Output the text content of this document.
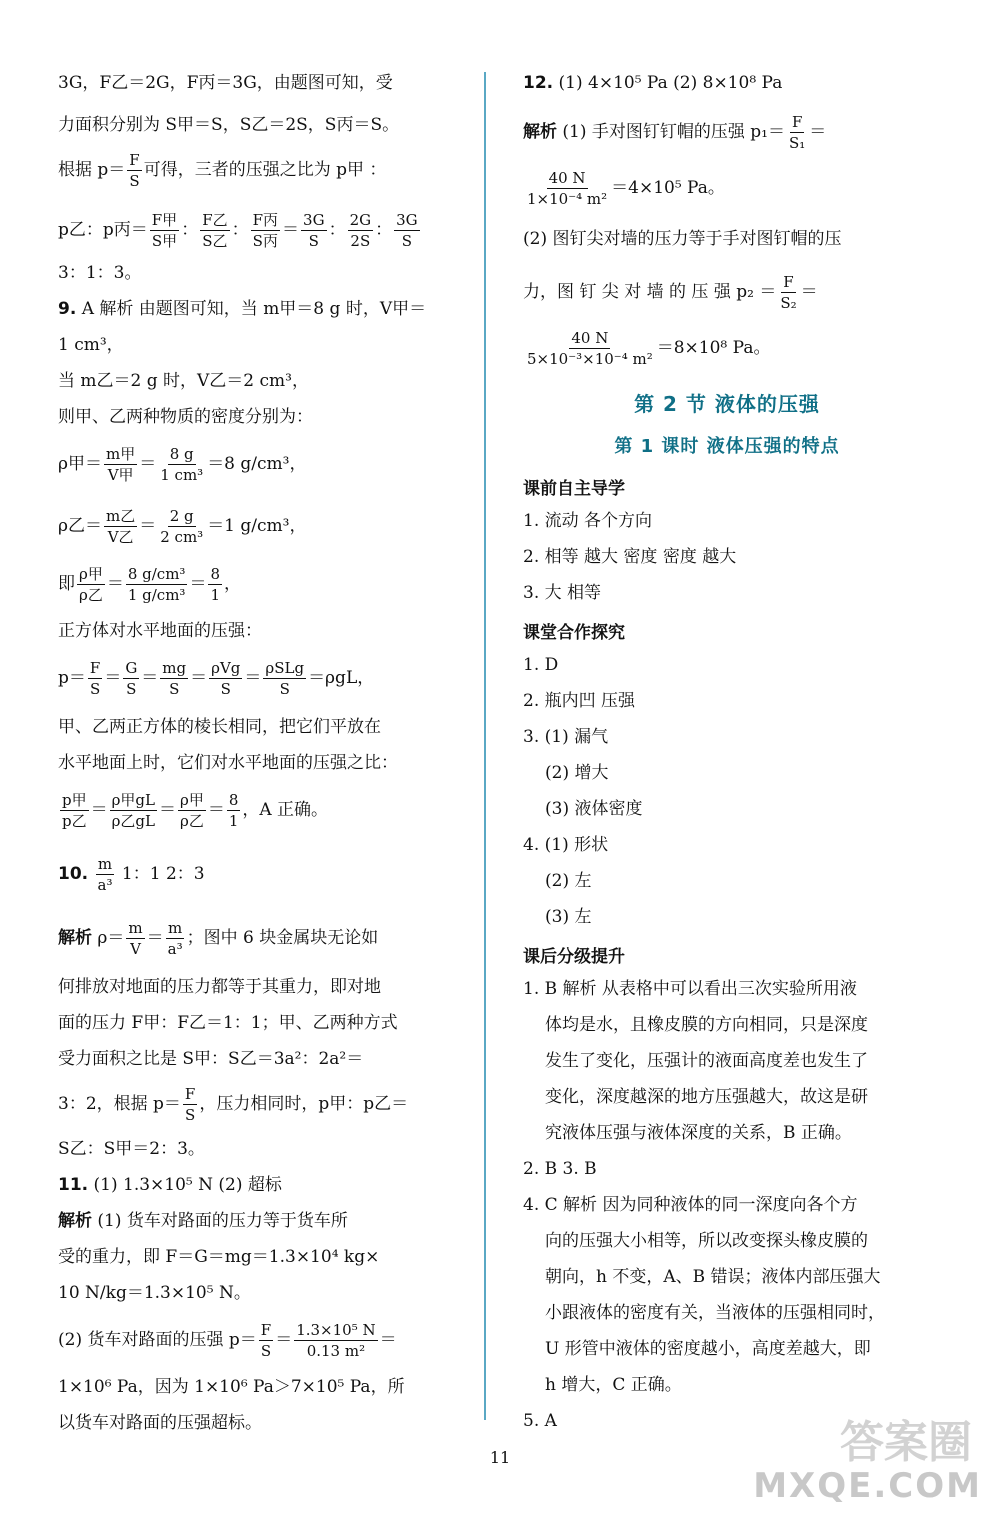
3G，F乙＝2G，F丙＝3G，由题图可知，受
力面积分别为 S甲＝S，S乙＝2S，S丙＝S。
根据 $p= \frac{F}{S}$ 可得，三者的压强之比为 p甲 ：
p乙：p丙＝ $\frac{\text{F甲}}{\text{S甲}}$ ： $\frac{\text{F乙}}{\text{S乙}}$ ： $\frac{\text{F丙}}{\text{S丙}} = \frac{3G}{S}$ ： $\frac{2G}{2S}$ ： $\frac{3G}{S}$
3：1：3。
9. A 解析 由题图可知，当 m甲＝8 g 时，V甲＝
1 cm³，
当 m乙＝2 g 时，V乙＝2 cm³，
则甲、乙两种物质的密度分别为：
ρ甲＝ $\frac{\text{m甲}}{\text{V甲}} = \frac{8 g}{\text{1 cm³}} =8$ g/cm³，
ρ乙＝ $\frac{\text{m乙}}{\text{V乙}} = \frac{2 g}{\text{2 cm³}} =1$ g/cm³，
即 $\frac{\text{ρ甲}}{\text{ρ乙}} = \frac{\text{8 g/cm³}}{\text{1 g/cm³}} = \frac{8}{1}$ ，
正方体对水平地面的压强：
$p= \frac{F}{S} = \frac{G}{S} = \frac{mg}{S} = \frac{\text{ρVg}}{S} = \frac{\text{ρSLg}}{S} =\rho gL$，
甲、乙两正方体的棱长相同，把它们平放在
水平地面上时，它们对水平地面的压强之比：
$\frac{\text{p甲}}{\text{p乙}} = \frac{\text{ρ甲gL}}{\text{ρ乙gL}} = \frac{\text{ρ甲}}{\text{ρ乙}} = \frac{8}{1}$ ，A 正确。
10. $\frac{m}{\text{a³}} 1$：1 2：3
解析 $\rho= \frac{m}{V} = \frac{m}{\text{a³}}$ ；图中 6 块金属块无论如
何排放对地面的压力都等于其重力，即对地
面的压力 F甲：F乙＝1：1；甲、乙两种方式
受力面积之比是 S甲：S乙＝3a²：2a²＝
3：2，根据 $p= \frac{F}{S}$ ，压力相同时，p甲：p乙＝
S乙：S甲＝2：3。
11. (1) 1.3×10⁵ N (2) 超标
解析 (1) 货车对路面的压力等于货车所
受的重力，即 F＝G＝mg＝1.3×10⁴ kg×
10 N/kg＝1.3×10⁵ N。
(2) 货车对路面的压强 $p= \frac{F}{S} = \frac{\text{1.3×10⁵ N}}{\text{0.13 m²}}$ ＝
1×10⁶ Pa，因为 1×10⁶ Pa＞7×10⁵ Pa，所
以货车对路面的压强超标。
12. (1) 4×10⁵ Pa (2) 8×10⁸ Pa
解析 (1) 手对图钉钉帽的压强 $p_1= \frac{F}{\text{S₁}}$ ＝
$\frac{40 N}{\text{1×10⁻⁴ m²}} =4\times 10^5$ Pa。
(2) 图钉尖对墙的压力等于手对图钉帽的压
力，图 钉 尖 对 墙 的 压 强 $p_2 = \frac{F}{\text{S₂}}$ ＝
$\frac{40 N}{\text{5×10⁻³×10⁻⁴ m²}} =8\times 10^8$ Pa。
第 2 节 液体的压强
第 1 课时 液体压强的特点
课前自主导学
1. 流动 各个方向
2. 相等 越大 密度 密度 越大
3. 大 相等
课堂合作探究
1. D
2. 瓶内凹 压强
3. (1) 漏气
(2) 增大
(3) 液体密度
4. (1) 形状
(2) 左
(3) 左
课后分级提升
1. B 解析 从表格中可以看出三次实验所用液
体均是水，且橡皮膜的方向相同，只是深度
发生了变化，压强计的液面高度差也发生了
变化，深度越深的地方压强越大，故这是研
究液体压强与液体深度的关系，B 正确。
2. B 3. B
4. C 解析 因为同种液体的同一深度向各个方
向的压强大小相等，所以改变探头橡皮膜的
朝向，h 不变，A、B 错误；液体内部压强大
小跟液体的密度有关，当液体的压强相同时，
U 形管中液体的密度越小，高度差越大，即
h 增大，C 正确。
5. A
11	答案圈
MXQE.COM
